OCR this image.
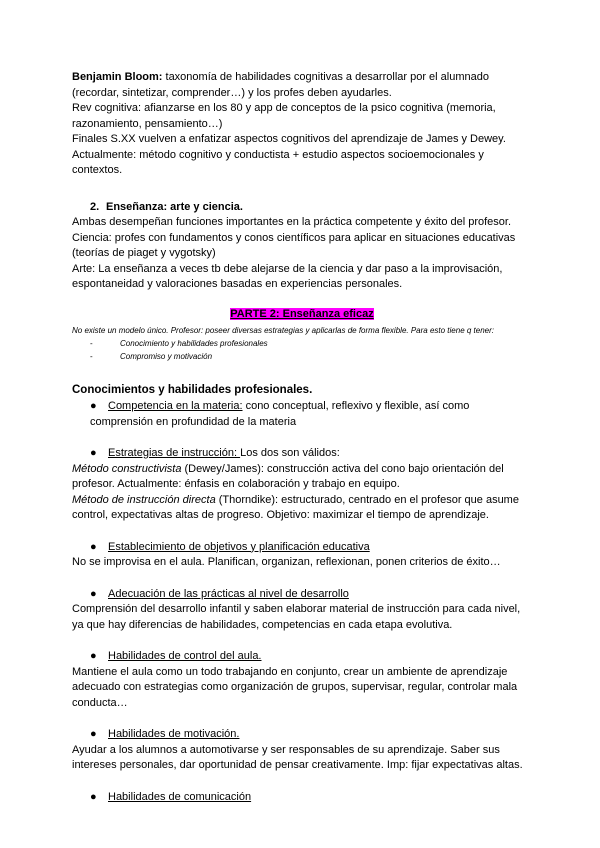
Benjamin Bloom: taxonomía de habilidades cognitivas a desarrollar por el alumnado (recordar, sintetizar, comprender…) y los profes deben ayudarles.

Rev cognitiva: afianzarse en los 80 y app de conceptos de la psico cognitiva (memoria, razonamiento, pensamiento…)

Finales S.XX vuelven a enfatizar aspectos cognitivos del aprendizaje de James y Dewey.

Actualmente: método cognitivo y conductista + estudio aspectos socioemocionales y contextos.

2. Enseñanza: arte y ciencia.

Ambas desempeñan funciones importantes en la práctica competente y éxito del profesor.

Ciencia: profes con fundamentos y conos científicos para aplicar en situaciones educativas (teorías de piaget y vygotsky)

Arte: La enseñanza a veces tb debe alejarse de la ciencia y dar paso a la improvisación, espontaneidad y valoraciones basadas en experiencias personales.

PARTE 2: Enseñanza eficaz

No existe un modelo único. Profesor: poseer diversas estrategias y aplicarlas de forma flexible. Para esto tiene q tener:

-	Conocimiento y habilidades profesionales

-	Compromiso y motivación

Conocimientos y habilidades profesionales.

● Competencia en la materia: cono conceptual, reflexivo y flexible, así como comprensión en profundidad de la materia

● Estrategias de instrucción: Los dos son válidos:

Método constructivista (Dewey/James): construcción activa del cono bajo orientación del profesor. Actualmente: énfasis en colaboración y trabajo en equipo.

Método de instrucción directa (Thorndike): estructurado, centrado en el profesor que asume control, expectativas altas de progreso. Objetivo: maximizar el tiempo de aprendizaje.

● Establecimiento de objetivos y planificación educativa

No se improvisa en el aula. Planifican, organizan, reflexionan, ponen criterios de éxito…

● Adecuación de las prácticas al nivel de desarrollo

Comprensión del desarrollo infantil y saben elaborar material de instrucción para cada nivel, ya que hay diferencias de habilidades, competencias en cada etapa evolutiva.

● Habilidades de control del aula.

Mantiene el aula como un todo trabajando en conjunto, crear un ambiente de aprendizaje adecuado con estrategias como organización de grupos, supervisar, regular, controlar mala conducta…

● Habilidades de motivación.

Ayudar a los alumnos a automotivarse y ser responsables de su aprendizaje. Saber sus intereses personales, dar oportunidad de pensar creativamente. Imp: fijar expectativas altas.

● Habilidades de comunicación
